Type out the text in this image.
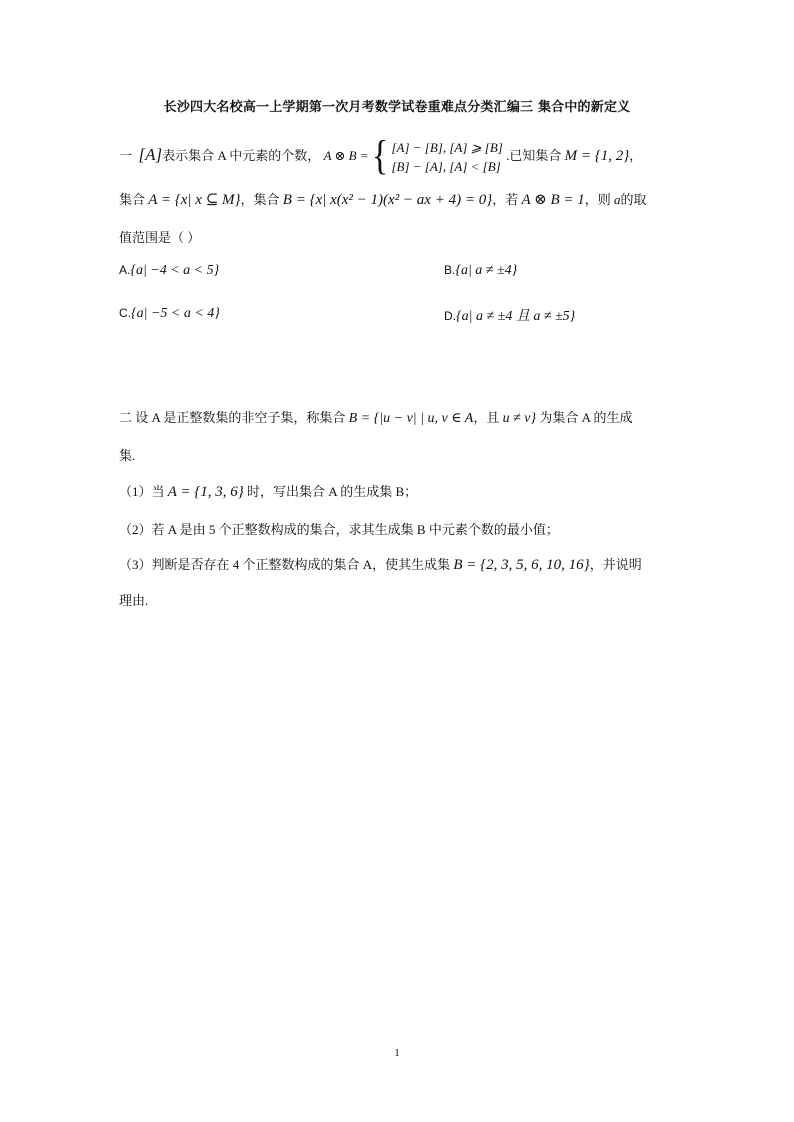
长沙四大名校高一上学期第一次月考数学试卷重难点分类汇编三 集合中的新定义
一 [A]表示集合 A 中元素的个数， A ⊗ B = { [A] − [B], [A] ⩾ [B]
[B] − [A], [A] < [B]
.已知集合 M = {1, 2}，
集合 A = {x| x ⊆ M}，集合 B = {x| x(x² − 1)(x² − ax + 4) = 0}，若 A ⊗ B = 1，则 a的取
值范围是（ ）
A.{a| −4 < a < 5}	B.{a| a ≠ ±4}
C.{a| −5 < a < 4}	D.{a| a ≠ ±4 且 a ≠ ±5}
二 设 A 是正整数集的非空子集，称集合 B = {|u − v| | u, v ∈ A，且 u ≠ v} 为集合 A 的生成
集.
（1）当 A = {1, 3, 6} 时，写出集合 A 的生成集 B；
（2）若 A 是由 5 个正整数构成的集合，求其生成集 B 中元素个数的最小值；
（3）判断是否存在 4 个正整数构成的集合 A，使其生成集 B = {2, 3, 5, 6, 10, 16}，并说明
理由.
1
